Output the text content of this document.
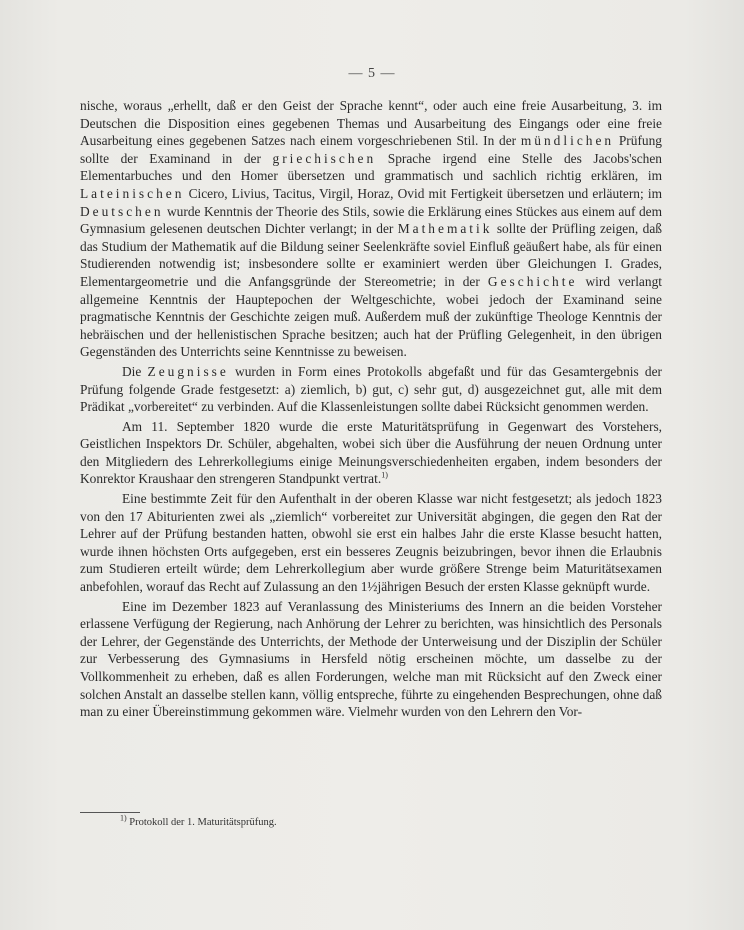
— 5 —

nische, woraus „erhellt, daß er den Geist der Sprache kennt“, oder auch eine freie Ausarbeitung, 3. im Deutschen die Disposition eines gegebenen Themas und Ausarbeitung des Eingangs oder eine freie Ausarbeitung eines gegebenen Satzes nach einem vorgeschriebenen Stil. In der mündlichen Prüfung sollte der Examinand in der griechischen Sprache irgend eine Stelle des Jacobs'schen Elementarbuches und den Homer übersetzen und grammatisch und sachlich richtig erklären, im Lateinischen Cicero, Livius, Tacitus, Virgil, Horaz, Ovid mit Fertigkeit übersetzen und erläutern; im Deutschen wurde Kenntnis der Theorie des Stils, sowie die Erklärung eines Stückes aus einem auf dem Gymnasium gelesenen deutschen Dichter verlangt; in der Mathematik sollte der Prüfling zeigen, daß das Studium der Mathematik auf die Bildung seiner Seelenkräfte soviel Einfluß geäußert habe, als für einen Studierenden notwendig ist; insbesondere sollte er examiniert werden über Gleichungen I. Grades, Elementargeometrie und die Anfangsgründe der Stereometrie; in der Geschichte wird verlangt allgemeine Kenntnis der Hauptepochen der Weltgeschichte, wobei jedoch der Examinand seine pragmatische Kenntnis der Geschichte zeigen muß. Außerdem muß der zukünftige Theologe Kenntnis der hebräischen und der hellenistischen Sprache besitzen; auch hat der Prüfling Gelegenheit, in den übrigen Gegenständen des Unterrichts seine Kenntnisse zu beweisen.

Die Zeugnisse wurden in Form eines Protokolls abgefaßt und für das Gesamtergebnis der Prüfung folgende Grade festgesetzt: a) ziemlich, b) gut, c) sehr gut, d) ausgezeichnet gut, alle mit dem Prädikat „vorbereitet“ zu verbinden. Auf die Klassenleistungen sollte dabei Rücksicht genommen werden.

Am 11. September 1820 wurde die erste Maturitätsprüfung in Gegenwart des Vorstehers, Geistlichen Inspektors Dr. Schüler, abgehalten, wobei sich über die Ausführung der neuen Ordnung unter den Mitgliedern des Lehrerkollegiums einige Meinungsverschiedenheiten ergaben, indem besonders der Konrektor Kraushaar den strengeren Standpunkt vertrat.$^{1)}$

Eine bestimmte Zeit für den Aufenthalt in der oberen Klasse war nicht festgesetzt; als jedoch 1823 von den 17 Abiturienten zwei als „ziemlich“ vorbereitet zur Universität abgingen, die gegen den Rat der Lehrer auf der Prüfung bestanden hatten, obwohl sie erst ein halbes Jahr die erste Klasse besucht hatten, wurde ihnen höchsten Orts aufgegeben, erst ein besseres Zeugnis beizubringen, bevor ihnen die Erlaubnis zum Studieren erteilt würde; dem Lehrerkollegium aber wurde größere Strenge beim Maturitätsexamen anbefohlen, worauf das Recht auf Zulassung an den 1½jährigen Besuch der ersten Klasse geknüpft wurde.

Eine im Dezember 1823 auf Veranlassung des Ministeriums des Innern an die beiden Vorsteher erlassene Verfügung der Regierung, nach Anhörung der Lehrer zu berichten, was hinsichtlich des Personals der Lehrer, der Gegenstände des Unterrichts, der Methode der Unterweisung und der Disziplin der Schüler zur Verbesserung des Gymnasiums in Hersfeld nötig erscheinen möchte, um dasselbe zu der Vollkommenheit zu erheben, daß es allen Forderungen, welche man mit Rücksicht auf den Zweck einer solchen Anstalt an dasselbe stellen kann, völlig entspreche, führte zu eingehenden Besprechungen, ohne daß man zu einer Übereinstimmung gekommen wäre. Vielmehr wurden von den Lehrern den Vor-

$^{1)}$ Protokoll der 1. Maturitätsprüfung.
